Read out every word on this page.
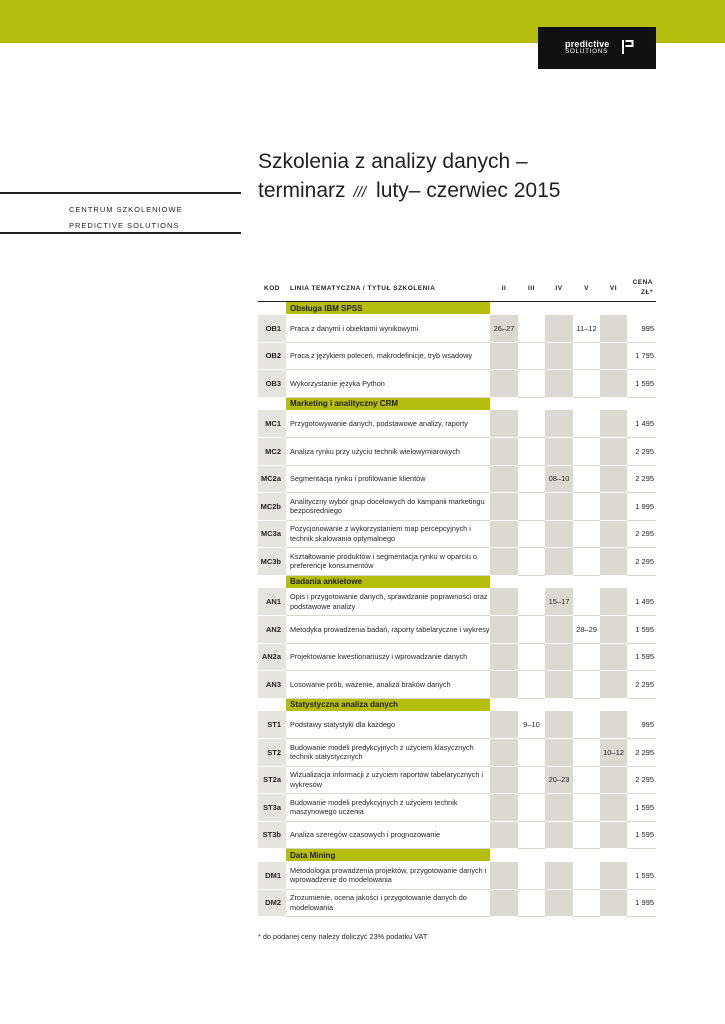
predictive
SOLUTIONS
Szkolenia z analizy danych –
terminarz /// luty– czerwiec 2015
CENTRUM SZKOLENIOWE
PREDICTIVE SOLUTIONS
KOD	LINIA TEMATYCZNA / TYTUŁ SZKOLENIA	II	III	IV	V	VI	CENA
ZŁ*
	Obsługa IBM SPSS						
OB1	Praca z danymi i obiektami wynikowymi	26–27			11–12		995
OB2	Praca z językiem poleceń, makrodefinicje, tryb wsadowy						1 795
OB3	Wykorzystanie języka Python						1 595
	Marketing i analityczny CRM						
MC1	Przygotowywanie danych, podstawowe analizy, raporty						1 495
MC2	Analiza rynku przy użyciu technik wielowymiarowych						2 295
MC2a	Segmentacja rynku i profilowanie klientów			08–10			2 295
MC2b	Analityczny wybór grup docelowych do kampanii marketingu bezpośredniego						1 995
MC3a	Pozycjonowanie z wykorzystaniem map percepcyjnych i technik skalowania optymalnego						2 295
MC3b	Kształtowanie produktów i segmentacja rynku w oparciu o preferencje konsumentów						2 295
	Badania ankietowe						
AN1	Opis i przygotowanie danych, sprawdzanie poprawności oraz podstawowe analizy			15–17			1 495
AN2	Metodyka prowadzenia badań, raporty tabelaryczne i wykresy				28–29		1 595
AN2a	Projektowanie kwestionariuszy i wprowadzanie danych						1 595
AN3	Losowanie prób, ważenie, analiza braków danych						2 295
	Statystyczna analiza danych						
ST1	Podstawy statystyki dla każdego		9–10				995
ST2	Budowanie modeli predykcyjnych z użyciem klasycznych technik statystycznych					10–12	2 295
ST2a	Wizualizacja informacji z użyciem raportów tabelarycznych i wykresów			20–23			2 295
ST3a	Budowanie modeli predykcyjnych z użyciem technik maszynowego uczenia						1 595
ST3b	Analiza szeregów czasowych i prognozowanie						1 595
	Data Mining						
DM1	Metodologia prowadzenia projektów, przygotowanie danych i wprowadzenie do modelowania						1 595
DM2	Zrozumienie, ocena jakości i przygotowanie danych do modelowania						1 995
* do podanej ceny należy doliczyć 23% podatku VAT
